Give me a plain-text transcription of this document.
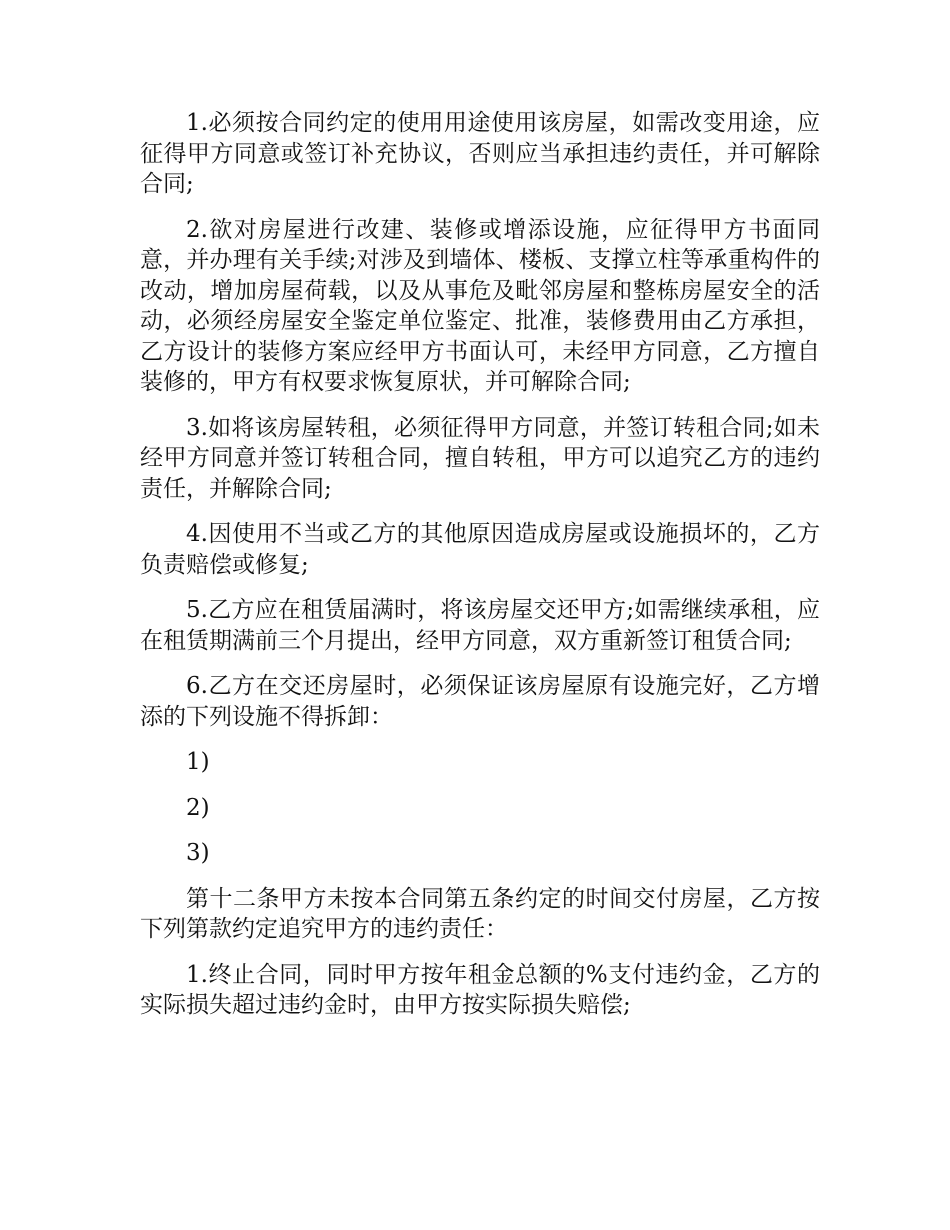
1.必须按合同约定的使用用途使用该房屋，如需改变用途，应征得甲方同意或签订补充协议，否则应当承担违约责任，并可解除合同;

2.欲对房屋进行改建、装修或增添设施，应征得甲方书面同意，并办理有关手续;对涉及到墙体、楼板、支撑立柱等承重构件的改动，增加房屋荷载，以及从事危及毗邻房屋和整栋房屋安全的活动，必须经房屋安全鉴定单位鉴定、批准，装修费用由乙方承担，乙方设计的装修方案应经甲方书面认可，未经甲方同意，乙方擅自装修的，甲方有权要求恢复原状，并可解除合同;

3.如将该房屋转租，必须征得甲方同意，并签订转租合同;如未经甲方同意并签订转租合同，擅自转租，甲方可以追究乙方的违约责任，并解除合同;

4.因使用不当或乙方的其他原因造成房屋或设施损坏的，乙方负责赔偿或修复;

5.乙方应在租赁届满时，将该房屋交还甲方;如需继续承租，应在租赁期满前三个月提出，经甲方同意，双方重新签订租赁合同;

6.乙方在交还房屋时，必须保证该房屋原有设施完好，乙方增添的下列设施不得拆卸：

1)

2)

3)

第十二条甲方未按本合同第五条约定的时间交付房屋，乙方按下列第款约定追究甲方的违约责任：

1.终止合同，同时甲方按年租金总额的%支付违约金，乙方的实际损失超过违约金时，由甲方按实际损失赔偿;
